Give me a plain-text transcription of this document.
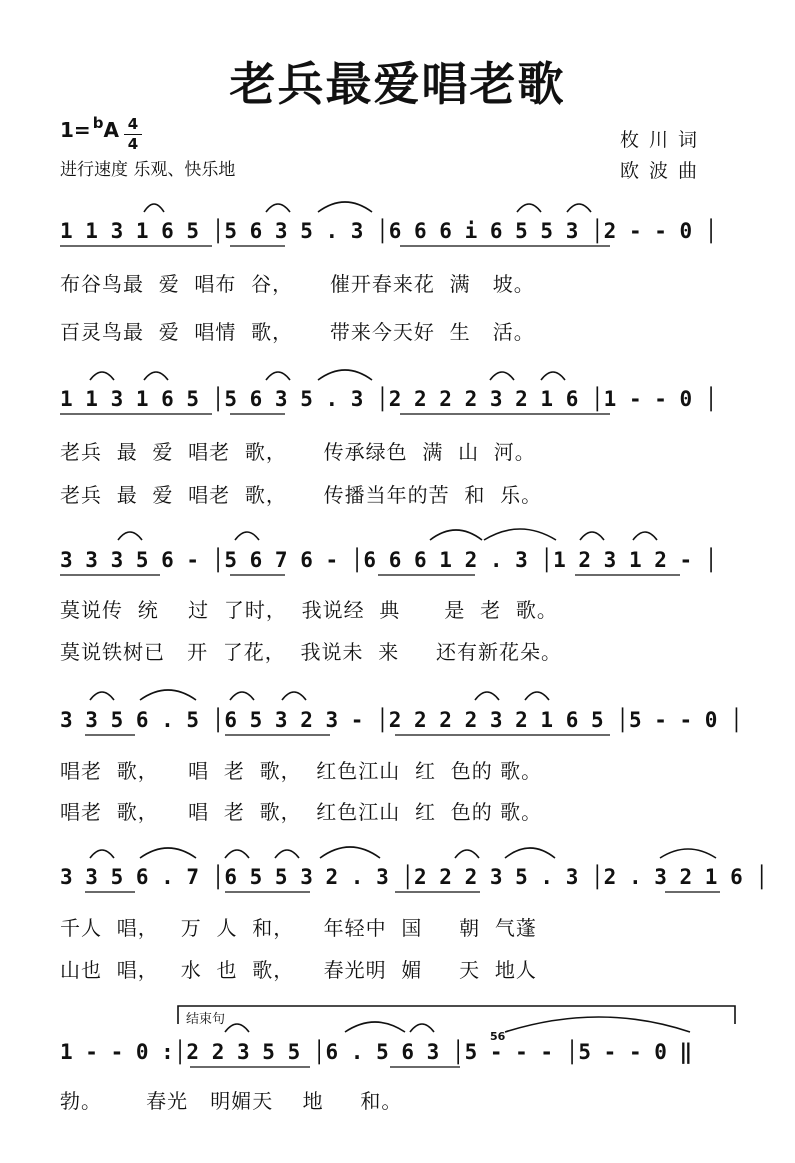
老兵最爱唱老歌
1= $^b$A 4
4
进行速度 乐观、快乐地
枚川词
欧波曲
1 1 3 1 6 5 │5 6 3 5 . 3 │6 6 6 i 6 5 5 3 │2 - - 0 │
布谷鸟最  爱  唱布  谷，     催开春来花  满   坡。
百灵鸟最  爱  唱情  歌，     带来今天好  生   活。
1 1 3 1 6 5 │5 6 3 5 . 3 │2 2 2 2 3 2 1 6 │1 - - 0 │
老兵  最  爱  唱老  歌，     传承绿色  满  山  河。
老兵  最  爱  唱老  歌，     传播当年的苦  和  乐。
3 3 3 5 6 - │5 6 7 6 - │6 6 6 1 2 . 3 │1 2 3 1 2 - │
莫说传  统    过  了时，  我说经  典      是  老  歌。
莫说铁树已   开  了花，  我说未  来     还有新花朵。
3 3 5 6 . 5 │6 5 3 2 3 - │2 2 2 2 3 2 1 6 5 │5 - - 0 │
唱老  歌，    唱  老  歌，  红色江山  红  色的 歌。
唱老  歌，    唱  老  歌，  红色江山  红  色的 歌。
3 3 5 6 . 7 │6 5 5 3 2 . 3 │2 2 2 3 5 . 3 │2 . 3 2 1 6 │
千人  唱，   万  人  和，    年轻中  国     朝  气蓬
山也  唱，   水  也  歌，    春光明  媚     天  地人
结束句
56
1 - - 0 :│2 2 3 5 5 │6 . 5 6 3 │5 - - - │5 - - 0 ‖
勃。      春光   明媚天    地     和。
